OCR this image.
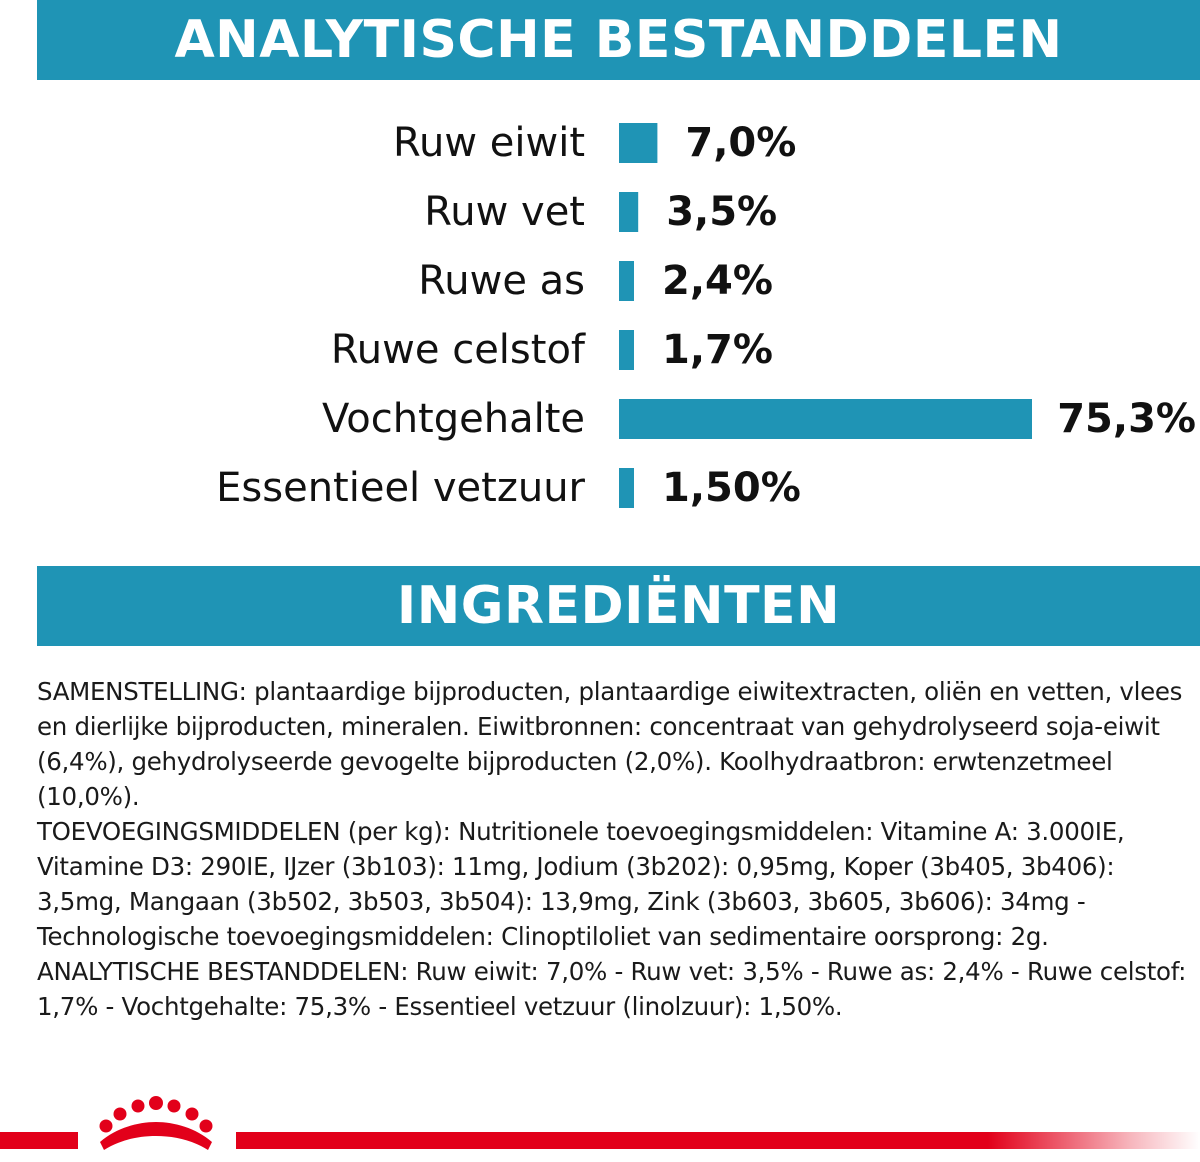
ANALYTISCHE BESTANDDELEN
Ruw eiwit	7,0%
Ruw vet 3,5%
Ruwe as 2,4%
Ruwe celstof 1,7%
Vochtgehalte	75,3%
Essentieel vetzuur 1,50%
INGREDIËNTEN

SAMENSTELLING: plantaardige bijproducten, plantaardige eiwitextracten, oliën en vetten, vlees en dierlijke bijproducten, mineralen. Eiwitbronnen: concentraat van gehydrolyseerd soja-eiwit (6,4%), gehydrolyseerde gevogelte bijproducten (2,0%). Koolhydraatbron: erwtenzetmeel (10,0%).

TOEVOEGINGSMIDDELEN (per kg): Nutritionele toevoegingsmiddelen: Vitamine A: 3.000IE, Vitamine D3: 290IE, IJzer (3b103): 11mg, Jodium (3b202): 0,95mg, Koper (3b405, 3b406): 3,5mg, Mangaan (3b502, 3b503, 3b504): 13,9mg, Zink (3b603, 3b605, 3b606): 34mg - Technologische toevoegingsmiddelen: Clinoptiloliet van sedimentaire oorsprong: 2g.

ANALYTISCHE BESTANDDELEN: Ruw eiwit: 7,0% - Ruw vet: 3,5% - Ruwe as: 2,4% - Ruwe celstof: 1,7% - Vochtgehalte: 75,3% - Essentieel vetzuur (linolzuur): 1,50%.
